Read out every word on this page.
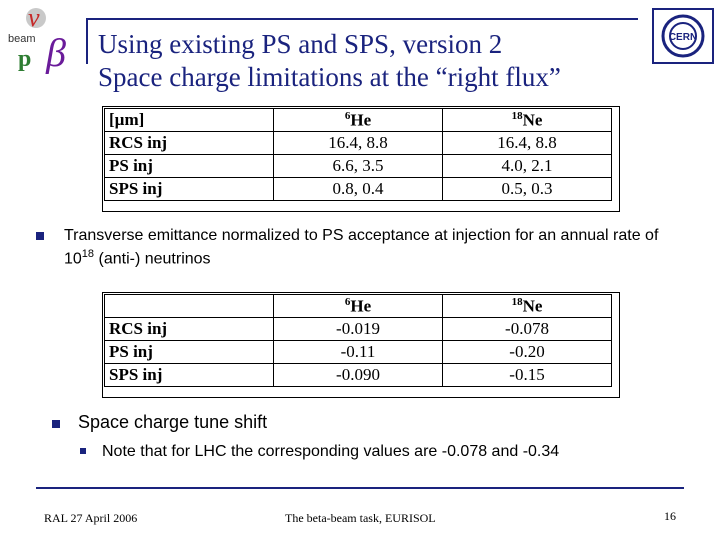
ν
β
beam
p Using existing PS and SPS, version 2
Space charge limitations at the “right flux”
CERN
[µm]	$^6$He	$^{18}$Ne
RCS inj	16.4, 8.8	16.4, 8.8
PS inj	6.6, 3.5	4.0, 2.1
SPS inj	0.8, 0.4	0.5, 0.3
Transverse emittance normalized to PS acceptance at injection for an annual rate of $10^{18}$ (anti-) neutrinos
	$^6$He	$^{18}$Ne
RCS inj	-0.019	-0.078
PS inj	-0.11	-0.20
SPS inj	-0.090	-0.15
Space charge tune shift
Note that for LHC the corresponding values are -0.078 and -0.34
RAL 27 April 2006	The beta-beam task, EURISOL	16
